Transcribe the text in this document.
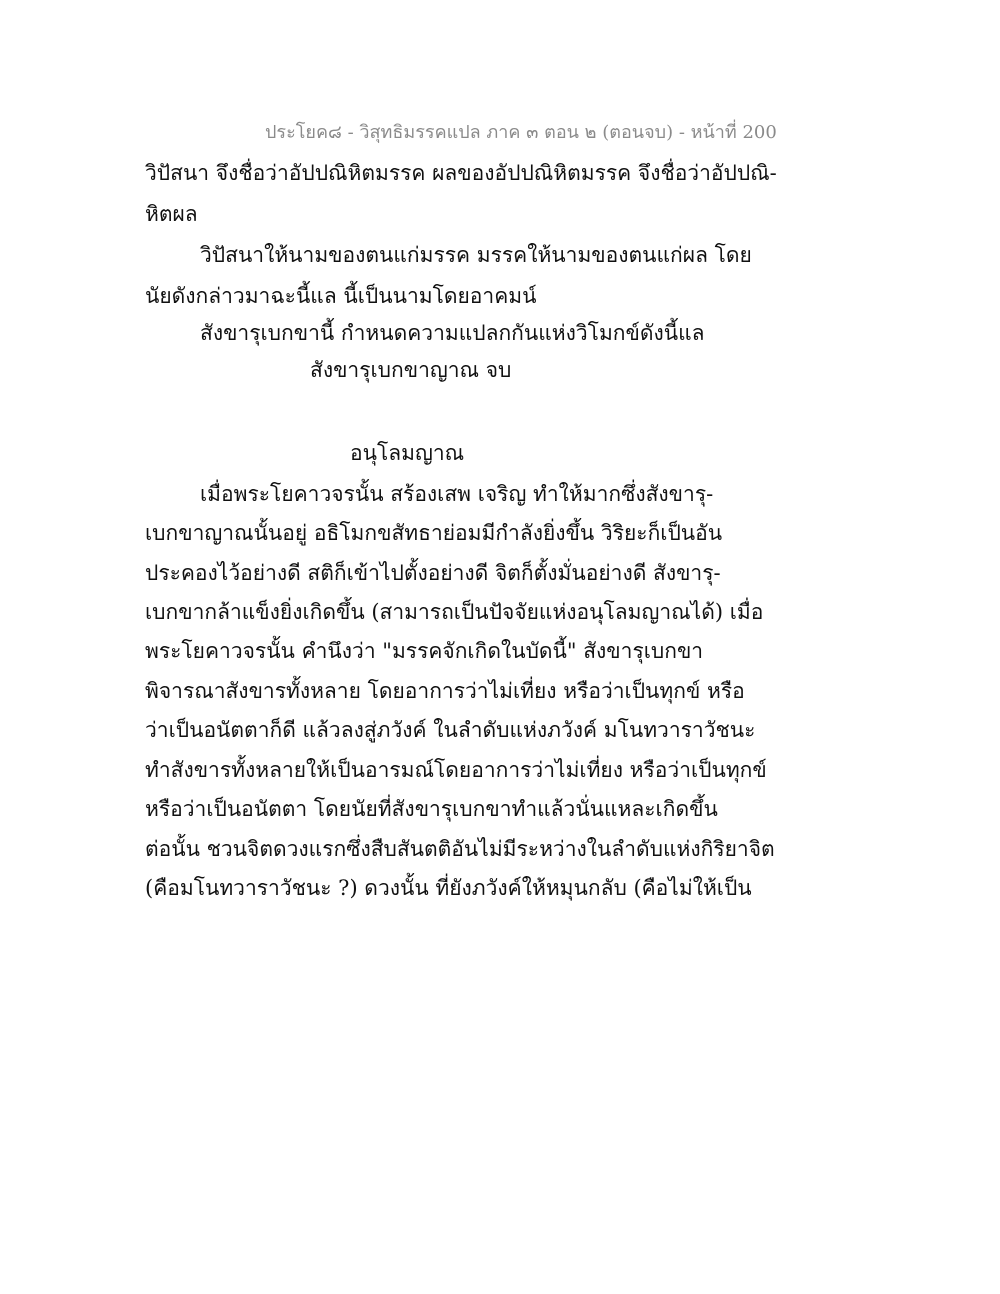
ประโยค๘ - วิสุทธิมรรคแปล ภาค ๓ ตอน ๒ (ตอนจบ) - หน้าที่ 200
วิปัสนา จึงชื่อว่าอัปปณิหิตมรรค ผลของอัปปณิหิตมรรค จึงชื่อว่าอัปปณิ-
หิตผล
วิปัสนาให้นามของตนแก่มรรค มรรคให้นามของตนแก่ผล โดย
นัยดังกล่าวมาฉะนี้แล นี้เป็นนามโดยอาคมน์
สังขารุเบกขานี้ กำหนดความแปลกกันแห่งวิโมกข์ดังนี้แล
สังขารุเบกขาญาณ จบ
อนุโลมญาณ
เมื่อพระโยคาวจรนั้น สร้องเสพ เจริญ ทำให้มากซึ่งสังขารุ-
เบกขาญาณนั้นอยู่ อธิโมกขสัทธาย่อมมีกำลังยิ่งขึ้น วิริยะก็เป็นอัน
ประคองไว้อย่างดี สติก็เข้าไปตั้งอย่างดี จิตก็ตั้งมั่นอย่างดี สังขารุ-
เบกขากล้าแข็งยิ่งเกิดขึ้น (สามารถเป็นปัจจัยแห่งอนุโลมญาณได้) เมื่อ
พระโยคาวจรนั้น คำนึงว่า "มรรคจักเกิดในบัดนี้" สังขารุเบกขา
พิจารณาสังขารทั้งหลาย โดยอาการว่าไม่เที่ยง หรือว่าเป็นทุกข์ หรือ
ว่าเป็นอนัตตาก็ดี แล้วลงสู่ภวังค์ ในลำดับแห่งภวังค์ มโนทวาราวัชนะ
ทำสังขารทั้งหลายให้เป็นอารมณ์โดยอาการว่าไม่เที่ยง หรือว่าเป็นทุกข์
หรือว่าเป็นอนัตตา โดยนัยที่สังขารุเบกขาทำแล้วนั่นแหละเกิดขึ้น
ต่อนั้น ชวนจิตดวงแรกซึ่งสืบสันตติอันไม่มีระหว่างในลำดับแห่งกิริยาจิต
(คือมโนทวาราวัชนะ ?) ดวงนั้น ที่ยังภวังค์ให้หมุนกลับ (คือไม่ให้เป็น
